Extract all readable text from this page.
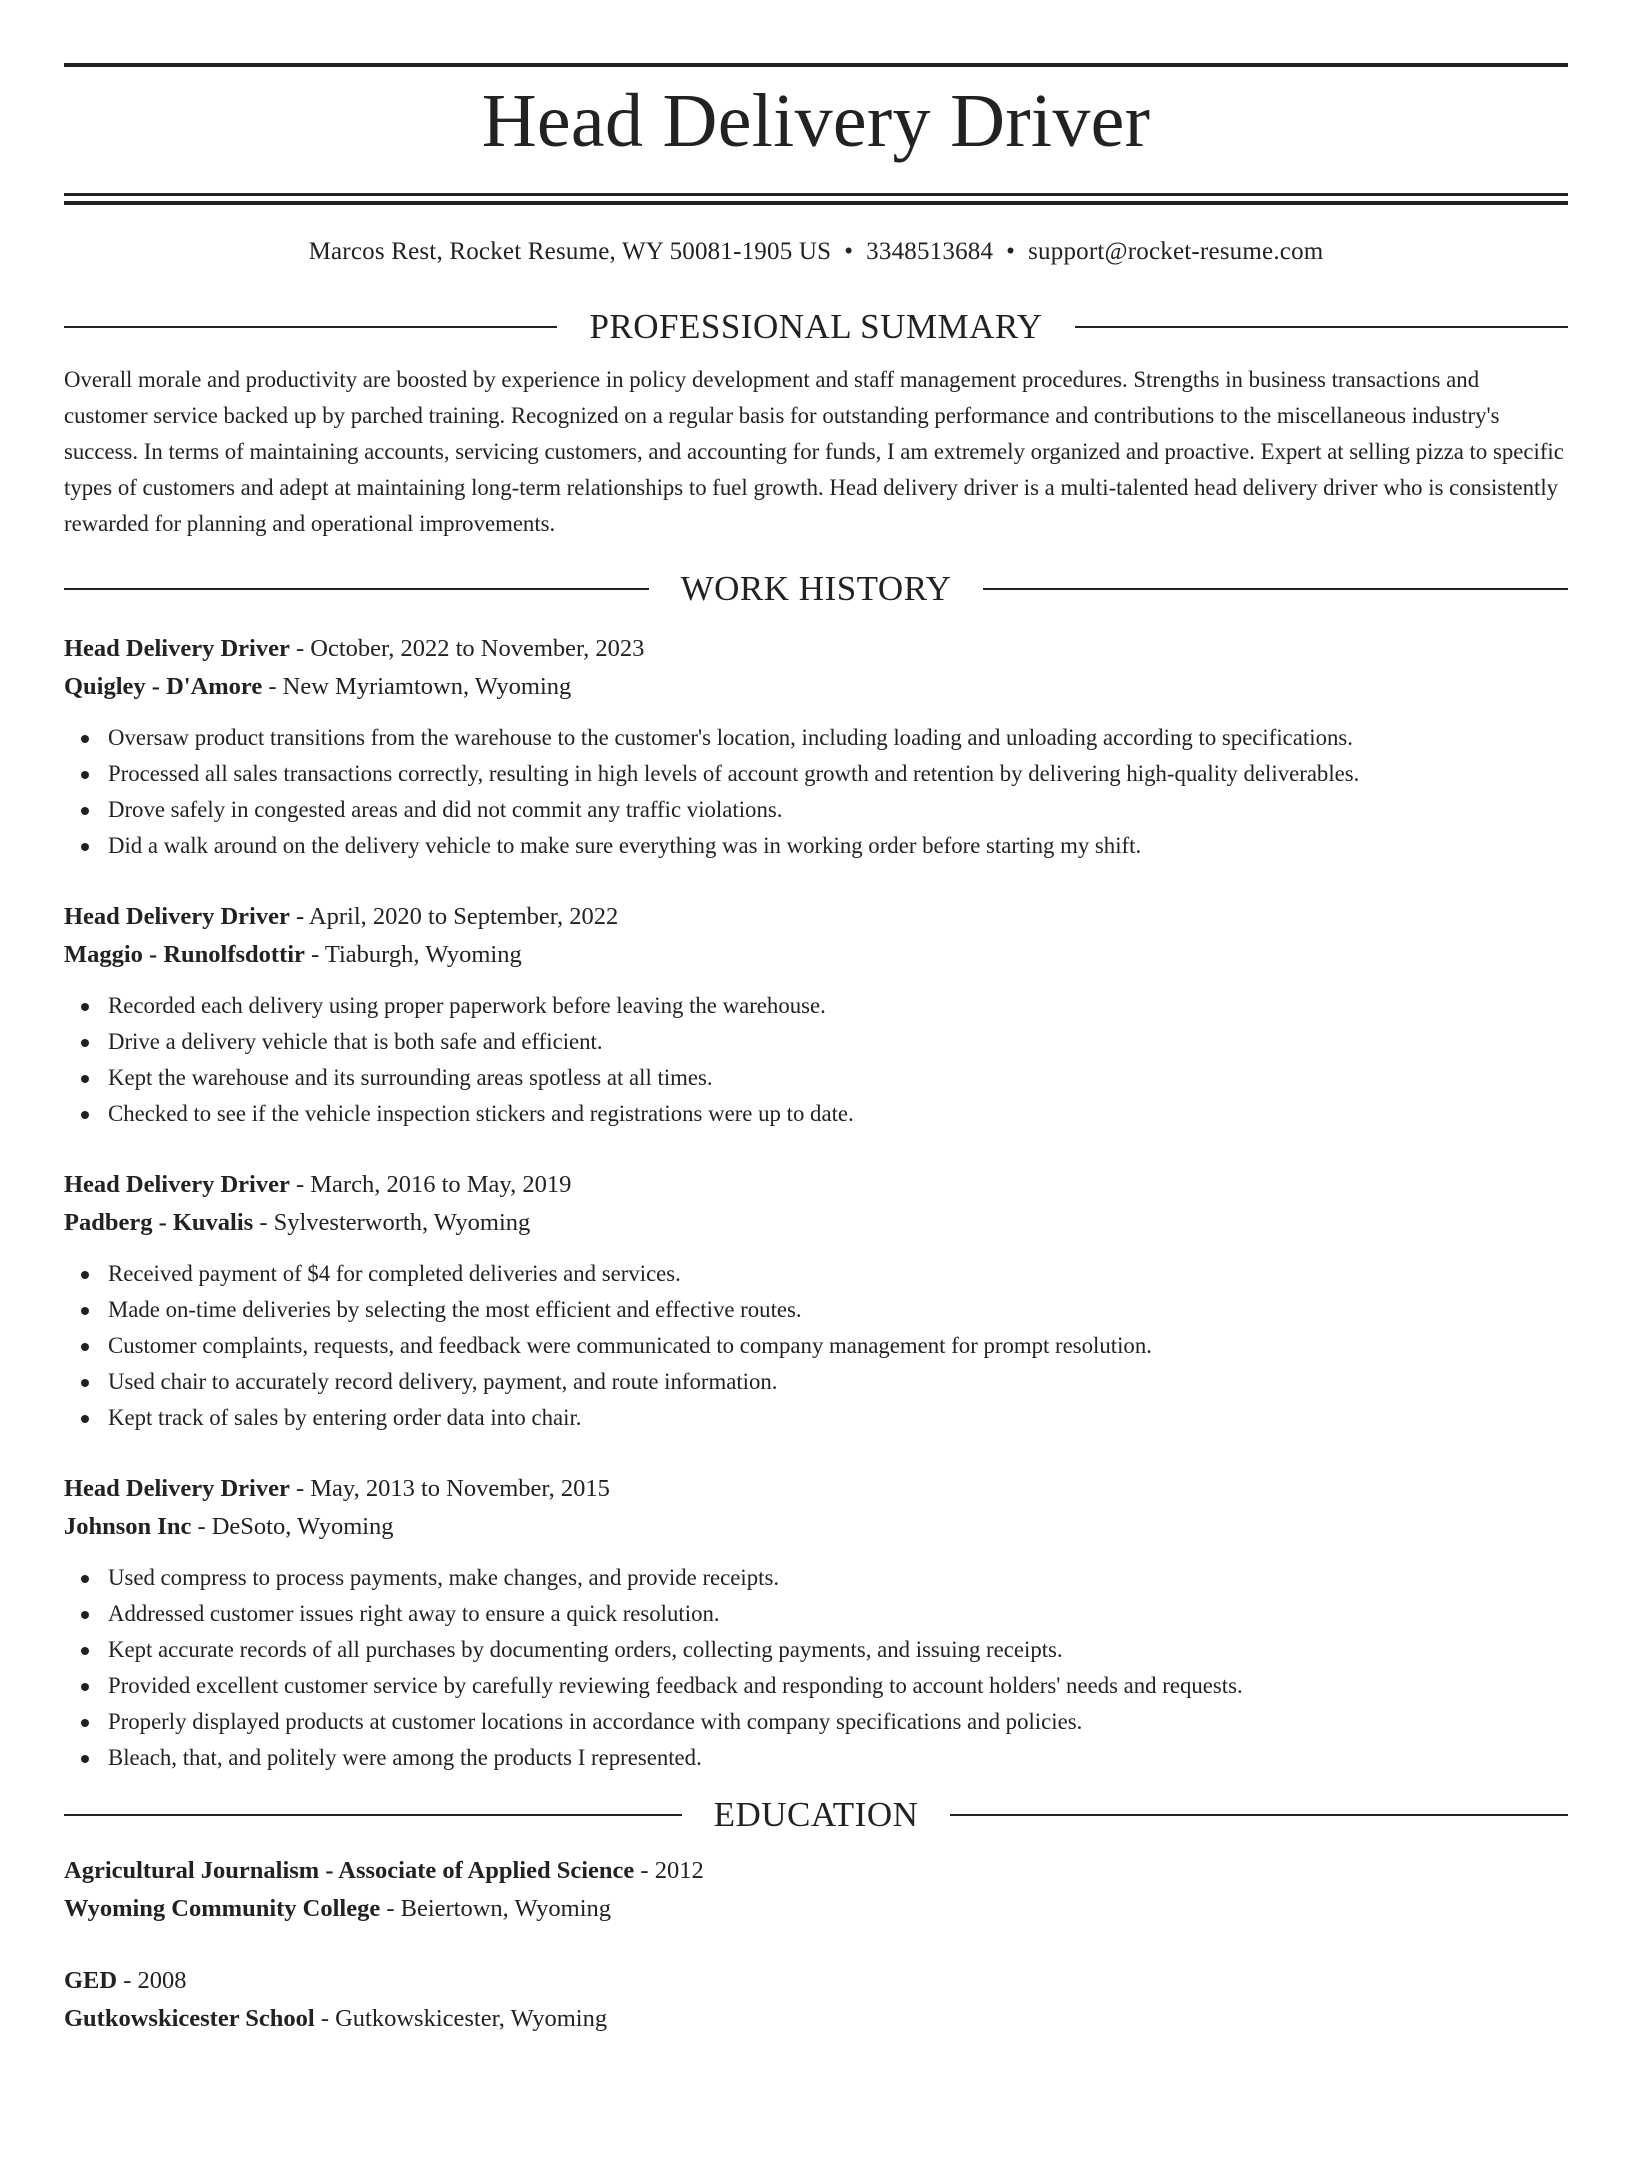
Head Delivery Driver
Marcos Rest, Rocket Resume, WY 50081-1905 US • 3348513684 • support@rocket-resume.com
PROFESSIONAL SUMMARY

Overall morale and productivity are boosted by experience in policy development and staff management procedures. Strengths in business transactions and customer service backed up by parched training. Recognized on a regular basis for outstanding performance and contributions to the miscellaneous industry's success. In terms of maintaining accounts, servicing customers, and accounting for funds, I am extremely organized and proactive. Expert at selling pizza to specific types of customers and adept at maintaining long-term relationships to fuel growth. Head delivery driver is a multi-talented head delivery driver who is consistently rewarded for planning and operational improvements.

WORK HISTORY
Head Delivery Driver - October, 2022 to November, 2023
Quigley - D'Amore - New Myriamtown, Wyoming
Oversaw product transitions from the warehouse to the customer's location, including loading and unloading according to specifications.
Processed all sales transactions correctly, resulting in high levels of account growth and retention by delivering high-quality deliverables.
Drove safely in congested areas and did not commit any traffic violations.
Did a walk around on the delivery vehicle to make sure everything was in working order before starting my shift.
Head Delivery Driver - April, 2020 to September, 2022
Maggio - Runolfsdottir - Tiaburgh, Wyoming
Recorded each delivery using proper paperwork before leaving the warehouse.
Drive a delivery vehicle that is both safe and efficient.
Kept the warehouse and its surrounding areas spotless at all times.
Checked to see if the vehicle inspection stickers and registrations were up to date.
Head Delivery Driver - March, 2016 to May, 2019
Padberg - Kuvalis - Sylvesterworth, Wyoming
Received payment of $4 for completed deliveries and services.
Made on-time deliveries by selecting the most efficient and effective routes.
Customer complaints, requests, and feedback were communicated to company management for prompt resolution.
Used chair to accurately record delivery, payment, and route information.
Kept track of sales by entering order data into chair.
Head Delivery Driver - May, 2013 to November, 2015
Johnson Inc - DeSoto, Wyoming
Used compress to process payments, make changes, and provide receipts.
Addressed customer issues right away to ensure a quick resolution.
Kept accurate records of all purchases by documenting orders, collecting payments, and issuing receipts.
Provided excellent customer service by carefully reviewing feedback and responding to account holders' needs and requests.
Properly displayed products at customer locations in accordance with company specifications and policies.
Bleach, that, and politely were among the products I represented.
EDUCATION
Agricultural Journalism - Associate of Applied Science - 2012
Wyoming Community College - Beiertown, Wyoming
GED - 2008
Gutkowskicester School - Gutkowskicester, Wyoming
